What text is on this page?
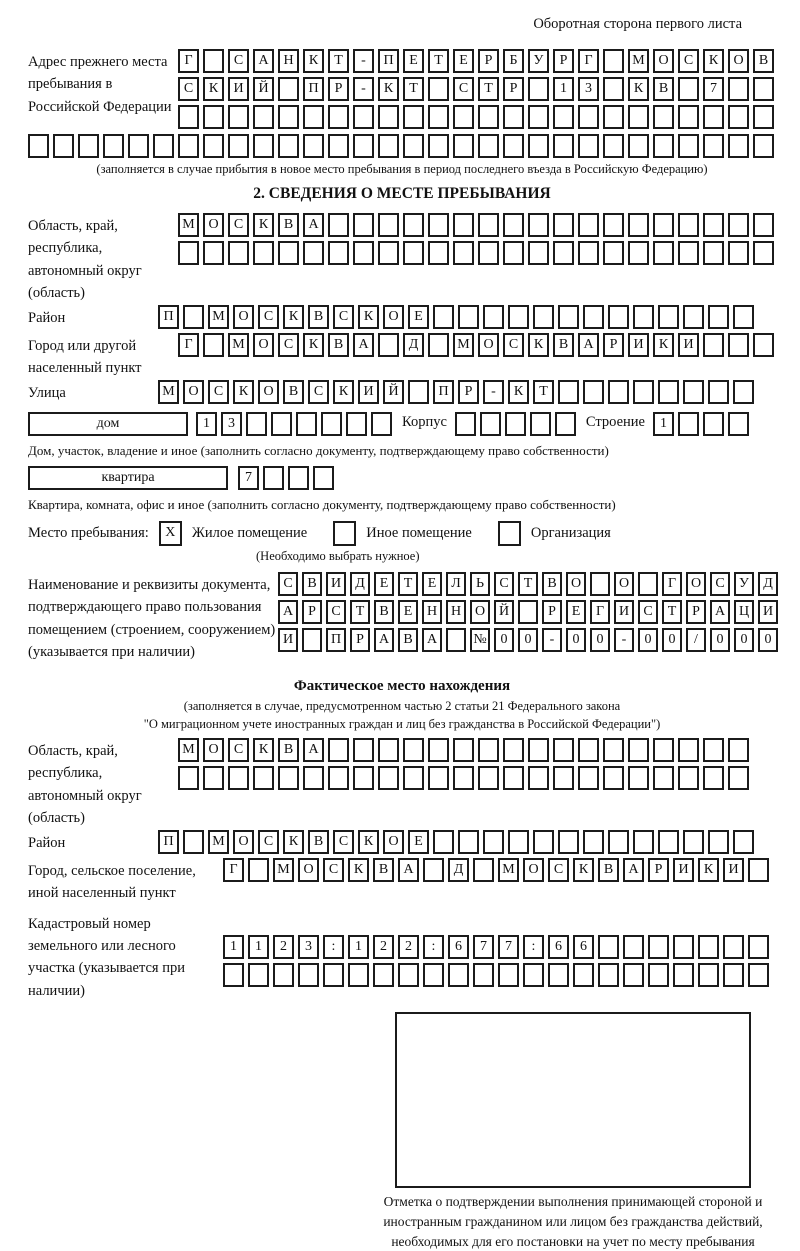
Оборотная сторона первого листа
Адрес прежнего места пребывания в Российской Федерации
Г	С	А	Н	К	Т	-	П	Е	Т	Е	Р	Б	У	Р	Г	М О	С	К	О	В
С	К	И	Й	П	Р	-	К	Т	С	Т	Р	1	3	К	В	7
(заполняется в случае прибытия в новое место пребывания в период последнего въезда в Российскую Федерацию)
2. СВЕДЕНИЯ О МЕСТЕ ПРЕБЫВАНИЯ
Область, край, республика, автономный округ (область)
М О	С	К	В	А
Район	П	М О	С	К	В	С	К	О	Е
Город или другой населенный пункт
Г	М О	С	К	В	А	Д	М О	С	К	В	А	Р	И	К	И
Улица	М О	С	К	О	В	С	К	И	Й	П	Р	-	К	Т
дом	1	3	Корпус	Строение	1
Дом, участок, владение и иное (заполнить согласно документу, подтверждающему право собственности)
квартира	7
Квартира, комната, офис и иное (заполнить согласно документу, подтверждающему право собственности)
Место пребывания:	X	Жилое помещение	Иное помещение	Организация
(Необходимо выбрать нужное)
Наименование и реквизиты документа, подтверждающего право пользования помещением (строением, сооружением) (указывается при наличии)
С	В	И	Д	Е	Т	Е	Л	Ь	С	Т	В	О	О	Г	О	С	У	Д
А	Р	С	Т	В	Е	Н Н О Й	Р	Е	Г	И	С	Т	Р	А Ц И
И	П	Р	А	В	А	№ 0	0	-	0	0	-	0	0	/	0	0	0
Фактическое место нахождения
(заполняется в случае, предусмотренном частью 2 статьи 21 Федерального закона
"О миграционном учете иностранных граждан и лиц без гражданства в Российской Федерации")
Область, край, республика, автономный округ (область)
М О	С	К	В	А
Район	П	М О	С	К	В	С	К	О	Е
Город, сельское поселение, иной населенный пункт
Г	М О	С	К	В	А	Д	М О	С	К	В	А	Р	И	К	И
Кадастровый номер земельного или лесного участка (указывается при наличии)
1	1	2	3	:	1	2	2	:	6	7	7	:	6	6
Отметка о подтверждении выполнения принимающей стороной и иностранным гражданином или лицом без гражданства действий, необходимых для его постановки на учет по месту пребывания
